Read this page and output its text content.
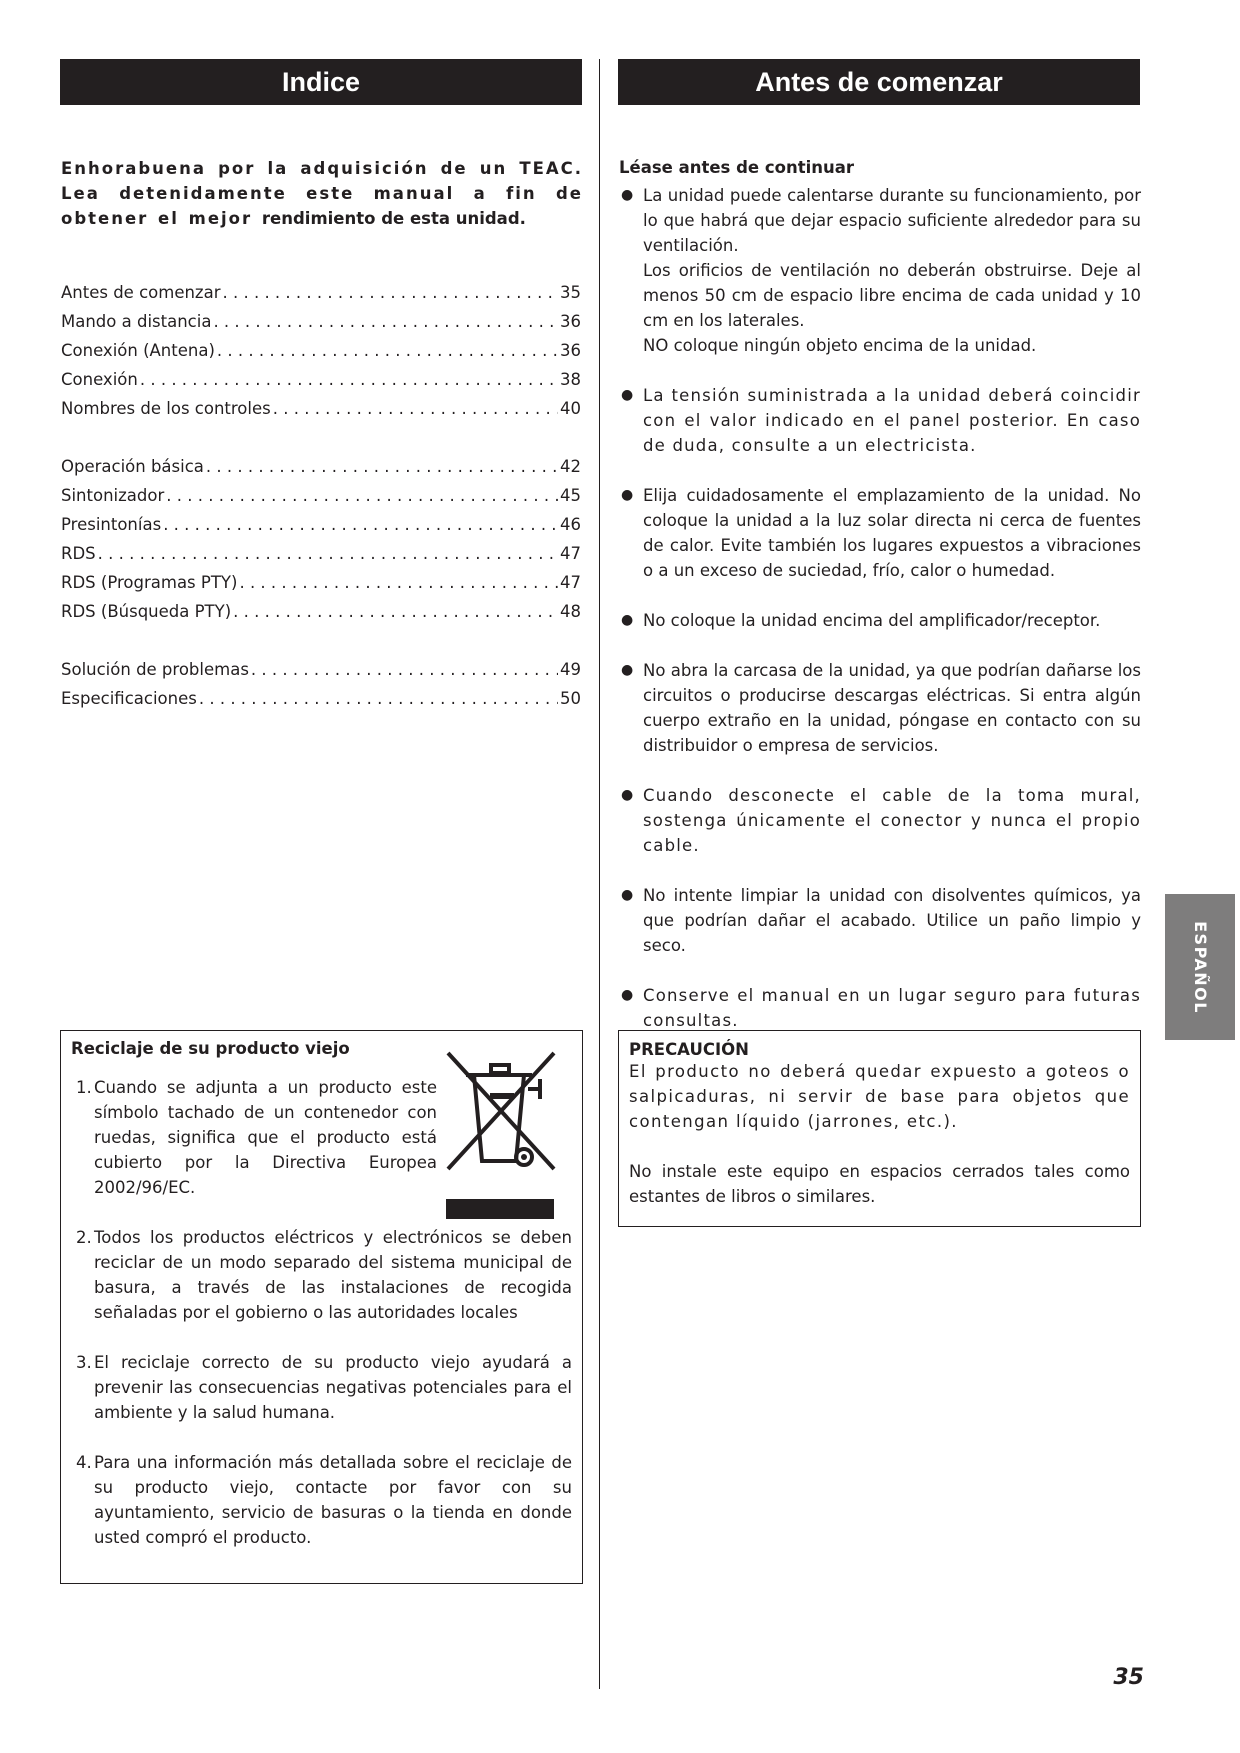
Indice	Antes de comenzar
Enhorabuena por la adquisición de un TEAC. Lea detenidamente este manual a fin de obtener el mejor rendimiento de esta unidad.
Antes de comenzar . . .	35
Mando a distancia . . .	36
Conexión (Antena) . . .	36
Conexión . . .	38
Nombres de los controles . . .	40
Operación básica . . .	42
Sintonizador . . .	45
Presintonías . . .	46
RDS . . .	47
RDS (Programas PTY) . . .	47
RDS (Búsqueda PTY) . . .	48
Solución de problemas . . .	49
Especificaciones . . .	50
Léase antes de continuar
● La unidad puede calentarse durante su funcionamiento, por lo que habrá que dejar espacio suficiente alrededor para su ventilación.

Los orificios de ventilación no deberán obstruirse. Deje al menos 50 cm de espacio libre encima de cada unidad y 10 cm en los laterales.

NO coloque ningún objeto encima de la unidad.

● La tensión suministrada a la unidad deberá coincidir con el valor indicado en el panel posterior. En caso de duda, consulte a un electricista.

● Elija cuidadosamente el emplazamiento de la unidad. No coloque la unidad a la luz solar directa ni cerca de fuentes de calor. Evite también los lugares expuestos a vibraciones o a un exceso de suciedad, frío, calor o humedad.

● No coloque la unidad encima del amplificador/receptor.

● No abra la carcasa de la unidad, ya que podrían dañarse los circuitos o producirse descargas eléctricas. Si entra algún cuerpo extraño en la unidad, póngase en contacto con su distribuidor o empresa de servicios.

● Cuando desconecte el cable de la toma mural, sostenga únicamente el conector y nunca el propio cable.

● No intente limpiar la unidad con disolventes químicos, ya que podrían dañar el acabado. Utilice un paño limpio y seco.

● Conserve el manual en un lugar seguro para futuras consultas.

Reciclaje de su producto viejo
1. Cuando se adjunta a un producto este símbolo tachado de un contenedor con ruedas, significa que el producto está cubierto por la Directiva Europea 2002/96/EC.
2. Todos los productos eléctricos y electrónicos se deben reciclar de un modo separado del sistema municipal de basura, a través de las instalaciones de recogida señaladas por el gobierno o las autoridades locales
3. El reciclaje correcto de su producto viejo ayudará a prevenir las consecuencias negativas potenciales para el ambiente y la salud humana.
4. Para una información más detallada sobre el reciclaje de su producto viejo, contacte por favor con su ayuntamiento, servicio de basuras o la tienda en donde usted compró el producto.
PRECAUCIÓN

El producto no deberá quedar expuesto a goteos o salpicaduras, ni servir de base para objetos que contengan líquido (jarrones, etc.).

No instale este equipo en espacios cerrados tales como estantes de libros o similares.

ESPAÑOL
35
